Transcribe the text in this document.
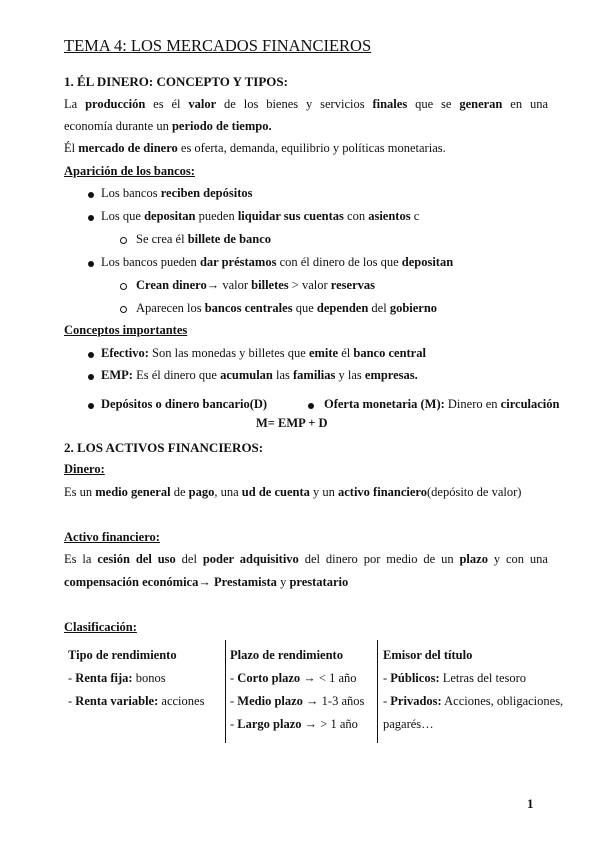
TEMA 4: LOS MERCADOS FINANCIEROS
1. ÉL DINERO: CONCEPTO Y TIPOS:
La producción es él valor de los bienes y servicios finales que se generan en una
economía durante un periodo de tiempo.
Él mercado de dinero es oferta, demanda, equilibrio y políticas monetarias.
Aparición de los bancos:
Los bancos reciben depósitos
Los que depositan pueden liquidar sus cuentas con asientos c
Se crea él billete de banco
Los bancos pueden dar préstamos con él dinero de los que depositan
Crean dinero→ valor billetes > valor reservas
Aparecen los bancos centrales que dependen del gobierno
Conceptos importantes
Efectivo: Son las monedas y billetes que emite él banco central
EMP: Es él dinero que acumulan las familias y las empresas.
Depósitos o dinero bancario(D)	Oferta monetaria (M): Dinero en circulación
M= EMP + D
2. LOS ACTIVOS FINANCIEROS:
Dinero:
Es un medio general de pago, una ud de cuenta y un activo financiero(depósito de valor)
Activo financiero:
Es la cesión del uso del poder adquisitivo del dinero por medio de un plazo y con una
compensación económica→ Prestamista y prestatario
Clasificación:
Tipo de rendimiento
- Renta fija: bonos
- Renta variable: acciones
Plazo de rendimiento
- Corto plazo → < 1 año
- Medio plazo → 1-3 años
- Largo plazo → > 1 año
Emisor del título
- Públicos: Letras del tesoro
- Privados: Acciones, obligaciones,
pagarés…
1
